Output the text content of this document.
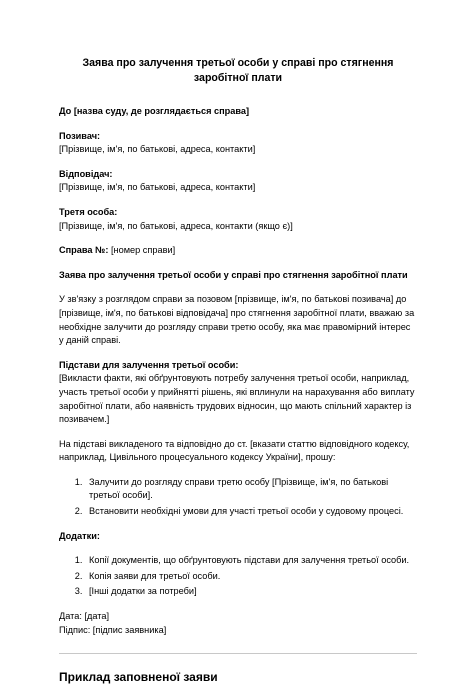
Заява про залучення третьої особи у справі про стягнення заробітної плати
До [назва суду, де розглядається справа]
Позивач:
[Прізвище, ім'я, по батькові, адреса, контакти]
Відповідач:
[Прізвище, ім'я, по батькові, адреса, контакти]
Третя особа:
[Прізвище, ім'я, по батькові, адреса, контакти (якщо є)]
Справа №: [номер справи]
Заява про залучення третьої особи у справі про стягнення заробітної плати
У зв'язку з розглядом справи за позовом [прізвище, ім'я, по батькові позивача] до [прізвище, ім'я, по батькові відповідача] про стягнення заробітної плати, вважаю за необхідне залучити до розгляду справи третю особу, яка має правомірний інтерес у даній справі.
Підстави для залучення третьої особи:
[Викласти факти, які обґрунтовують потребу залучення третьої особи, наприклад, участь третьої особи у прийнятті рішень, які вплинули на нарахування або виплату заробітної плати, або наявність трудових відносин, що мають спільний характер із позивачем.]
На підставі викладеного та відповідно до ст. [вказати статтю відповідного кодексу, наприклад, Цивільного процесуального кодексу України], прошу:
1. Залучити до розгляду справи третю особу [Прізвище, ім'я, по батькові третьої особи].
2. Встановити необхідні умови для участі третьої особи у судовому процесі.
Додатки:
1. Копії документів, що обґрунтовують підстави для залучення третьої особи.
2. Копія заяви для третьої особи.
3. [Інші додатки за потреби]
Дата: [дата]
Підпис: [підпис заявника]
Приклад заповненої заяви
